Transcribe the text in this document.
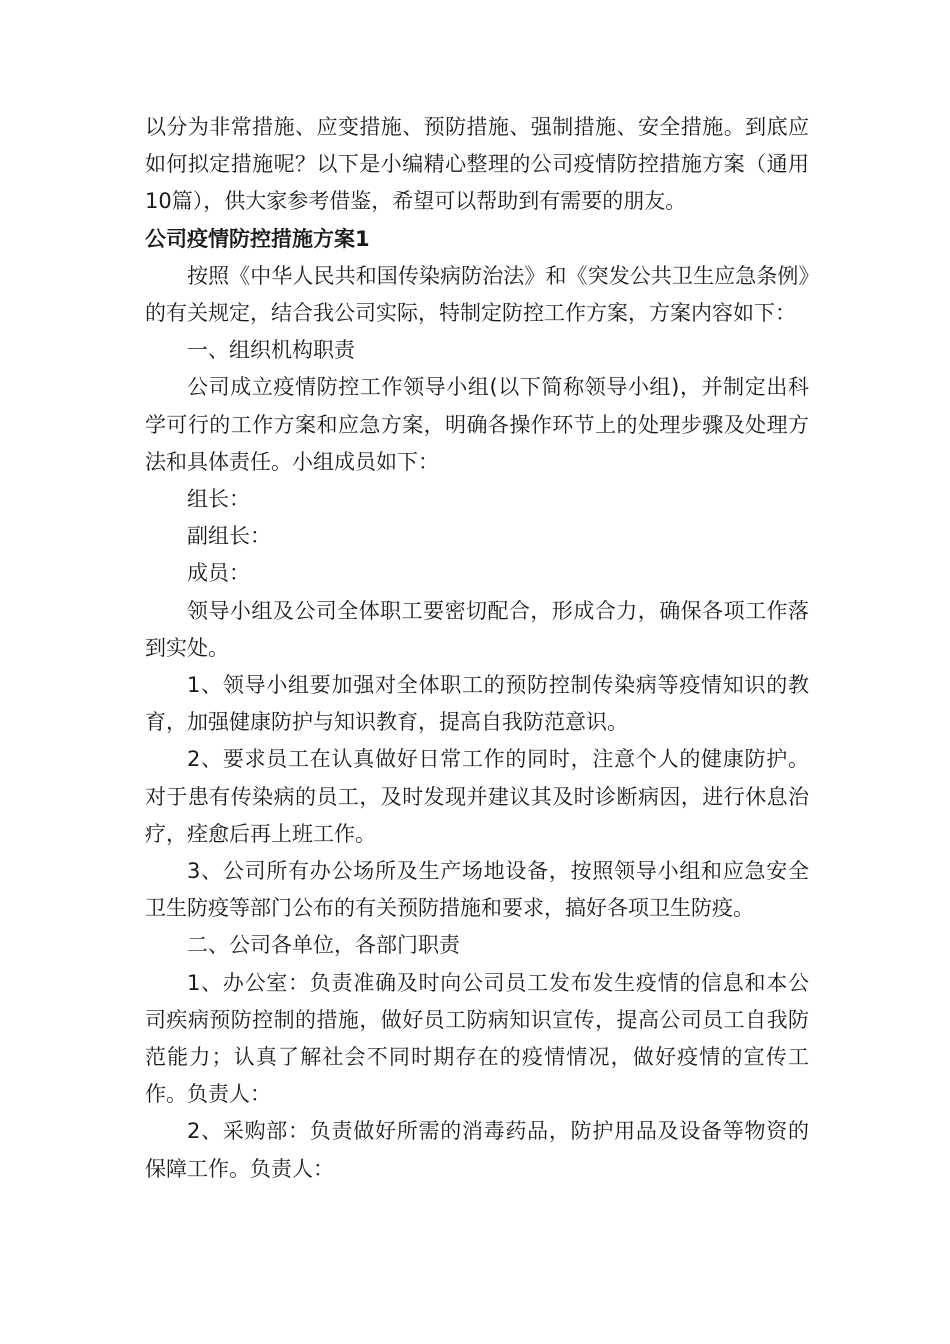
以分为非常措施、应变措施、预防措施、强制措施、安全措施。到底应如何拟定措施呢？以下是小编精心整理的公司疫情防控措施方案（通用10篇），供大家参考借鉴，希望可以帮助到有需要的朋友。

公司疫情防控措施方案1

按照《中华人民共和国传染病防治法》和《突发公共卫生应急条例》的有关规定，结合我公司实际，特制定防控工作方案，方案内容如下：

一、组织机构职责

公司成立疫情防控工作领导小组(以下简称领导小组)，并制定出科学可行的工作方案和应急方案，明确各操作环节上的处理步骤及处理方法和具体责任。小组成员如下：

组长：

副组长：

成员：

领导小组及公司全体职工要密切配合，形成合力，确保各项工作落到实处。

1、领导小组要加强对全体职工的预防控制传染病等疫情知识的教育，加强健康防护与知识教育，提高自我防范意识。

2、要求员工在认真做好日常工作的同时，注意个人的健康防护。对于患有传染病的员工，及时发现并建议其及时诊断病因，进行休息治疗，痊愈后再上班工作。

3、公司所有办公场所及生产场地设备，按照领导小组和应急安全卫生防疫等部门公布的有关预防措施和要求，搞好各项卫生防疫。

二、公司各单位，各部门职责

1、办公室：负责准确及时向公司员工发布发生疫情的信息和本公司疾病预防控制的措施，做好员工防病知识宣传，提高公司员工自我防范能力；认真了解社会不同时期存在的疫情情况，做好疫情的宣传工作。负责人：

2、采购部：负责做好所需的消毒药品，防护用品及设备等物资的保障工作。负责人：
